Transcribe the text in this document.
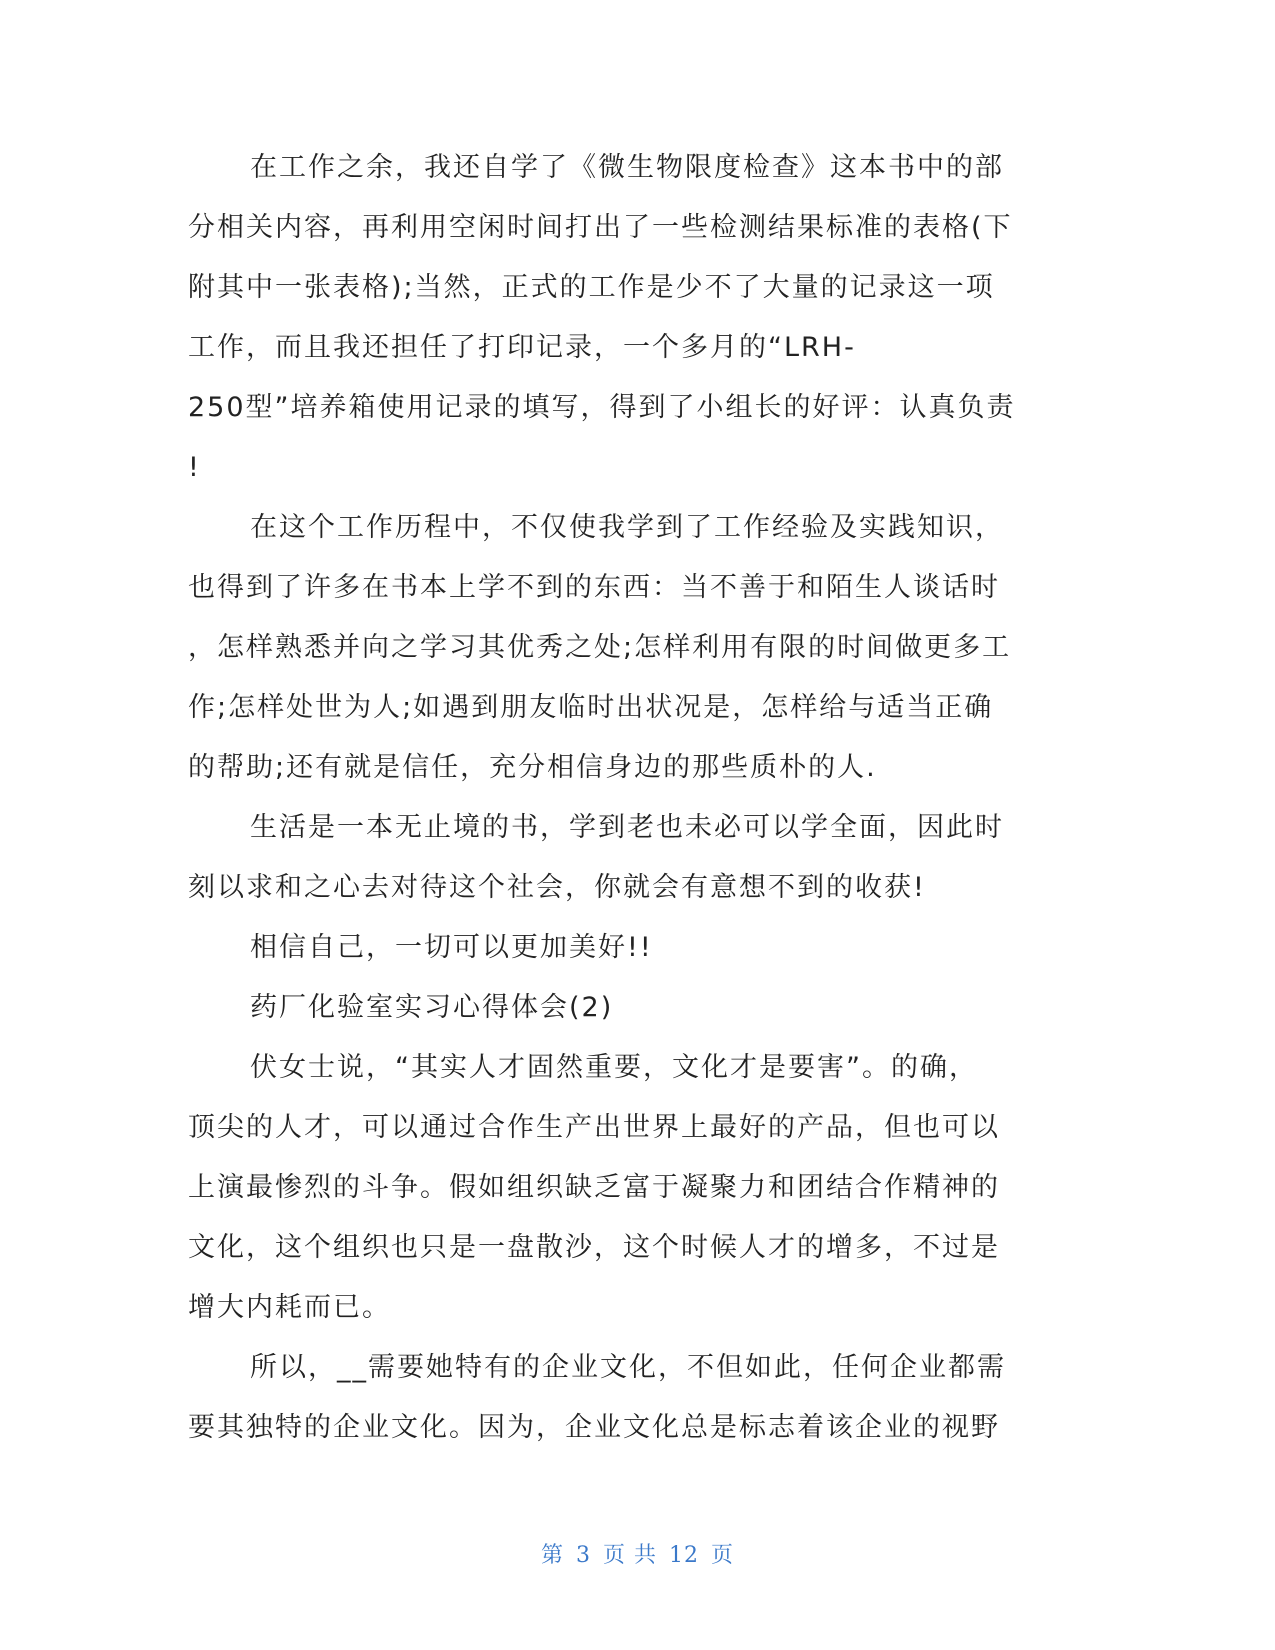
在工作之余，我还自学了《微生物限度检查》这本书中的部
分相关内容，再利用空闲时间打出了一些检测结果标准的表格(下
附其中一张表格);当然，正式的工作是少不了大量的记录这一项
工作，而且我还担任了打印记录，一个多月的“LRH-
250型”培养箱使用记录的填写，得到了小组长的好评：认真负责
!
在这个工作历程中，不仅使我学到了工作经验及实践知识，
也得到了许多在书本上学不到的东西：当不善于和陌生人谈话时
，怎样熟悉并向之学习其优秀之处;怎样利用有限的时间做更多工
作;怎样处世为人;如遇到朋友临时出状况是，怎样给与适当正确
的帮助;还有就是信任，充分相信身边的那些质朴的人.
生活是一本无止境的书，学到老也未必可以学全面，因此时
刻以求和之心去对待这个社会，你就会有意想不到的收获!
相信自己，一切可以更加美好!!
药厂化验室实习心得体会(2)
伏女士说，“其实人才固然重要，文化才是要害”。的确，
顶尖的人才，可以通过合作生产出世界上最好的产品，但也可以
上演最惨烈的斗争。假如组织缺乏富于凝聚力和团结合作精神的
文化，这个组织也只是一盘散沙，这个时候人才的增多，不过是
增大内耗而已。
所以，__需要她特有的企业文化，不但如此，任何企业都需
要其独特的企业文化。因为，企业文化总是标志着该企业的视野
第 3 页 共 12 页
